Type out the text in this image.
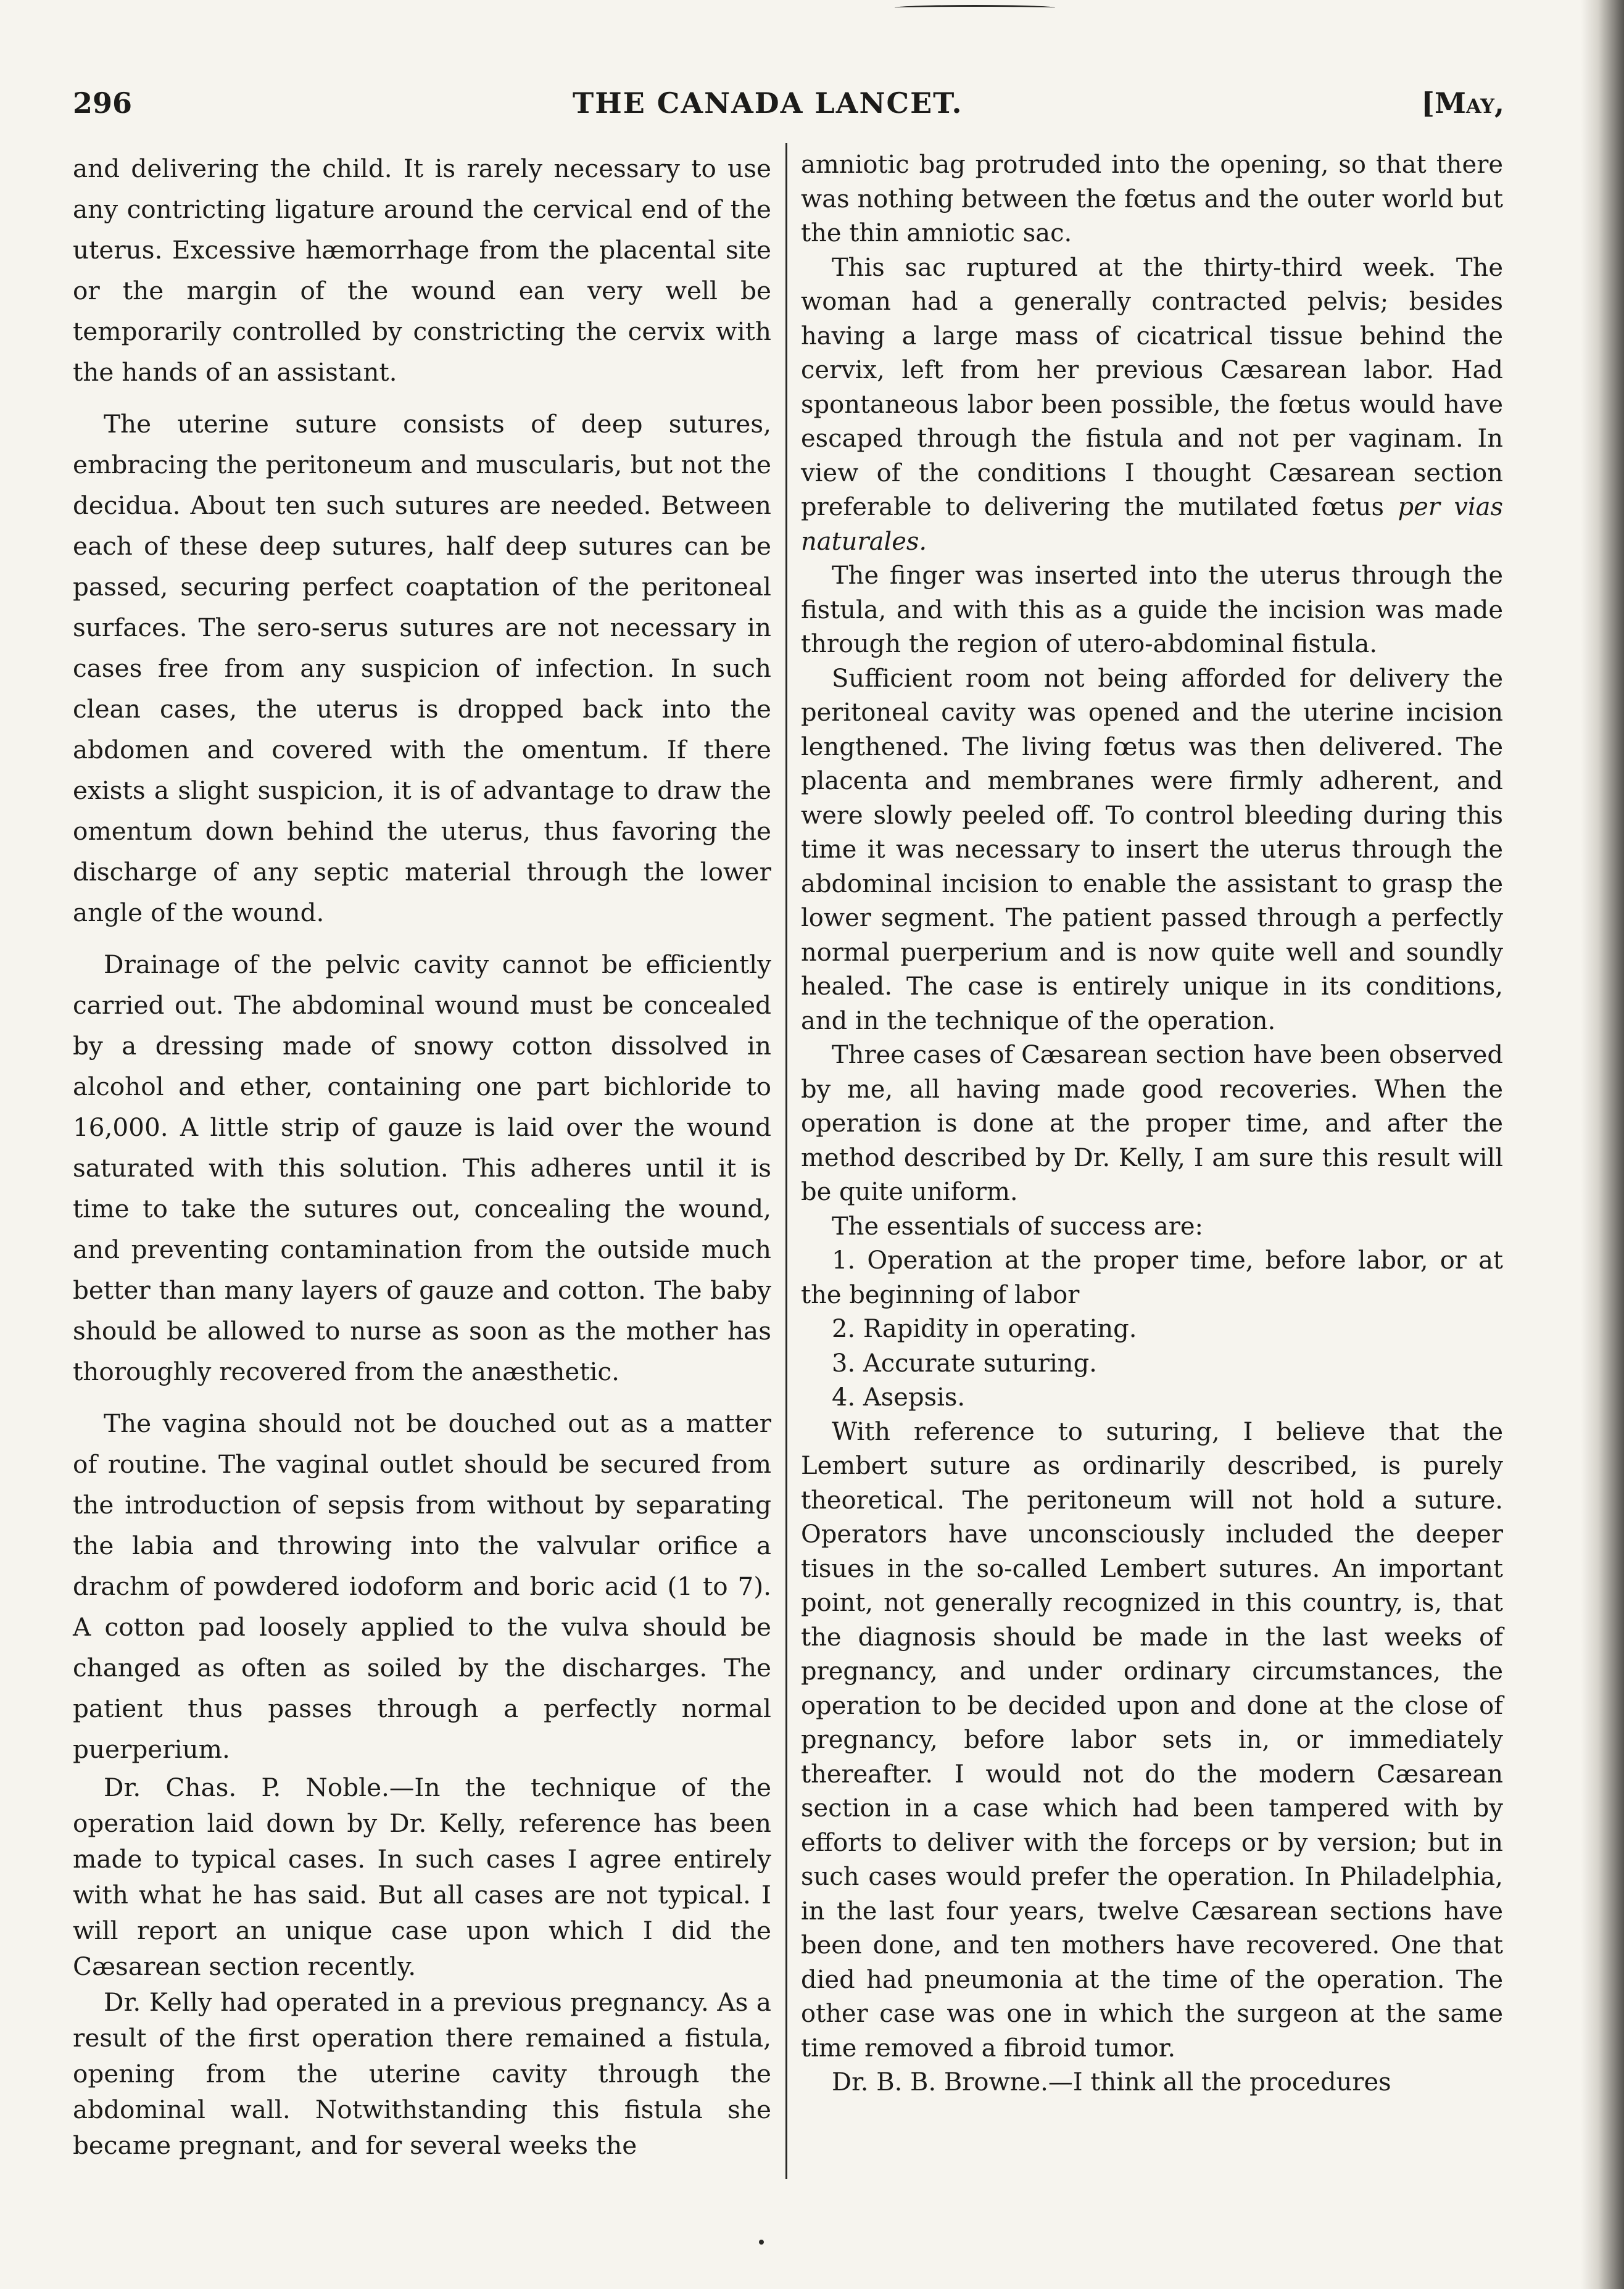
296	THE CANADA LANCET.	[May,

and delivering the child. It is rarely necessary to use any contricting ligature around the cervical end of the uterus. Excessive hæmorrhage from the placental site or the margin of the wound ean very well be temporarily controlled by constricting the cervix with the hands of an assistant.

The uterine suture consists of deep sutures, embracing the peritoneum and muscularis, but not the decidua. About ten such sutures are needed. Between each of these deep sutures, half deep sutures can be passed, securing perfect coaptation of the peritoneal surfaces. The sero-serus sutures are not necessary in cases free from any suspicion of infection. In such clean cases, the uterus is dropped back into the abdomen and covered with the omentum. If there exists a slight suspicion, it is of advantage to draw the omentum down behind the uterus, thus favoring the discharge of any septic material through the lower angle of the wound.

Drainage of the pelvic cavity cannot be efficiently carried out. The abdominal wound must be concealed by a dressing made of snowy cotton dissolved in alcohol and ether, containing one part bichloride to 16,000. A little strip of gauze is laid over the wound saturated with this solution. This adheres until it is time to take the sutures out, concealing the wound, and preventing contamination from the outside much better than many layers of gauze and cotton. The baby should be allowed to nurse as soon as the mother has thoroughly recovered from the anæsthetic.

The vagina should not be douched out as a matter of routine. The vaginal outlet should be secured from the introduction of sepsis from without by separating the labia and throwing into the valvular orifice a drachm of powdered iodoform and boric acid (1 to 7). A cotton pad loosely applied to the vulva should be changed as often as soiled by the discharges. The patient thus passes through a perfectly normal puerperium.

Dr. Chas. P. Noble.—In the technique of the operation laid down by Dr. Kelly, reference has been made to typical cases. In such cases I agree entirely with what he has said. But all cases are not typical. I will report an unique case upon which I did the Cæsarean section recently.

Dr. Kelly had operated in a previous pregnancy. As a result of the first operation there remained a fistula, opening from the uterine cavity through the abdominal wall. Notwithstanding this fistula she became pregnant, and for several weeks the

amniotic bag protruded into the opening, so that there was nothing between the fœtus and the outer world but the thin amniotic sac.

This sac ruptured at the thirty-third week. The woman had a generally contracted pelvis; besides having a large mass of cicatrical tissue behind the cervix, left from her previous Cæsarean labor. Had spontaneous labor been possible, the fœtus would have escaped through the fistula and not per vaginam. In view of the conditions I thought Cæsarean section preferable to delivering the mutilated fœtus per vias naturales.

The finger was inserted into the uterus through the fistula, and with this as a guide the incision was made through the region of utero-abdominal fistula.

Sufficient room not being afforded for delivery the peritoneal cavity was opened and the uterine incision lengthened. The living fœtus was then delivered. The placenta and membranes were firmly adherent, and were slowly peeled off. To control bleeding during this time it was necessary to insert the uterus through the abdominal incision to enable the assistant to grasp the lower segment. The patient passed through a perfectly normal puerperium and is now quite well and soundly healed. The case is entirely unique in its conditions, and in the technique of the operation.

Three cases of Cæsarean section have been observed by me, all having made good recoveries. When the operation is done at the proper time, and after the method described by Dr. Kelly, I am sure this result will be quite uniform.

The essentials of success are:

1. Operation at the proper time, before labor, or at the beginning of labor

2. Rapidity in operating.

3. Accurate suturing.

4. Asepsis.

With reference to suturing, I believe that the Lembert suture as ordinarily described, is purely theoretical. The peritoneum will not hold a suture. Operators have unconsciously included the deeper tisues in the so-called Lembert sutures. An important point, not generally recognized in this country, is, that the diagnosis should be made in the last weeks of pregnancy, and under ordinary circumstances, the operation to be decided upon and done at the close of pregnancy, before labor sets in, or immediately thereafter. I would not do the modern Cæsarean section in a case which had been tampered with by efforts to deliver with the forceps or by version; but in such cases would prefer the operation. In Philadelphia, in the last four years, twelve Cæsarean sections have been done, and ten mothers have recovered. One that died had pneumonia at the time of the operation. The other case was one in which the surgeon at the same time removed a fibroid tumor.

Dr. B. B. Browne.—I think all the procedures
